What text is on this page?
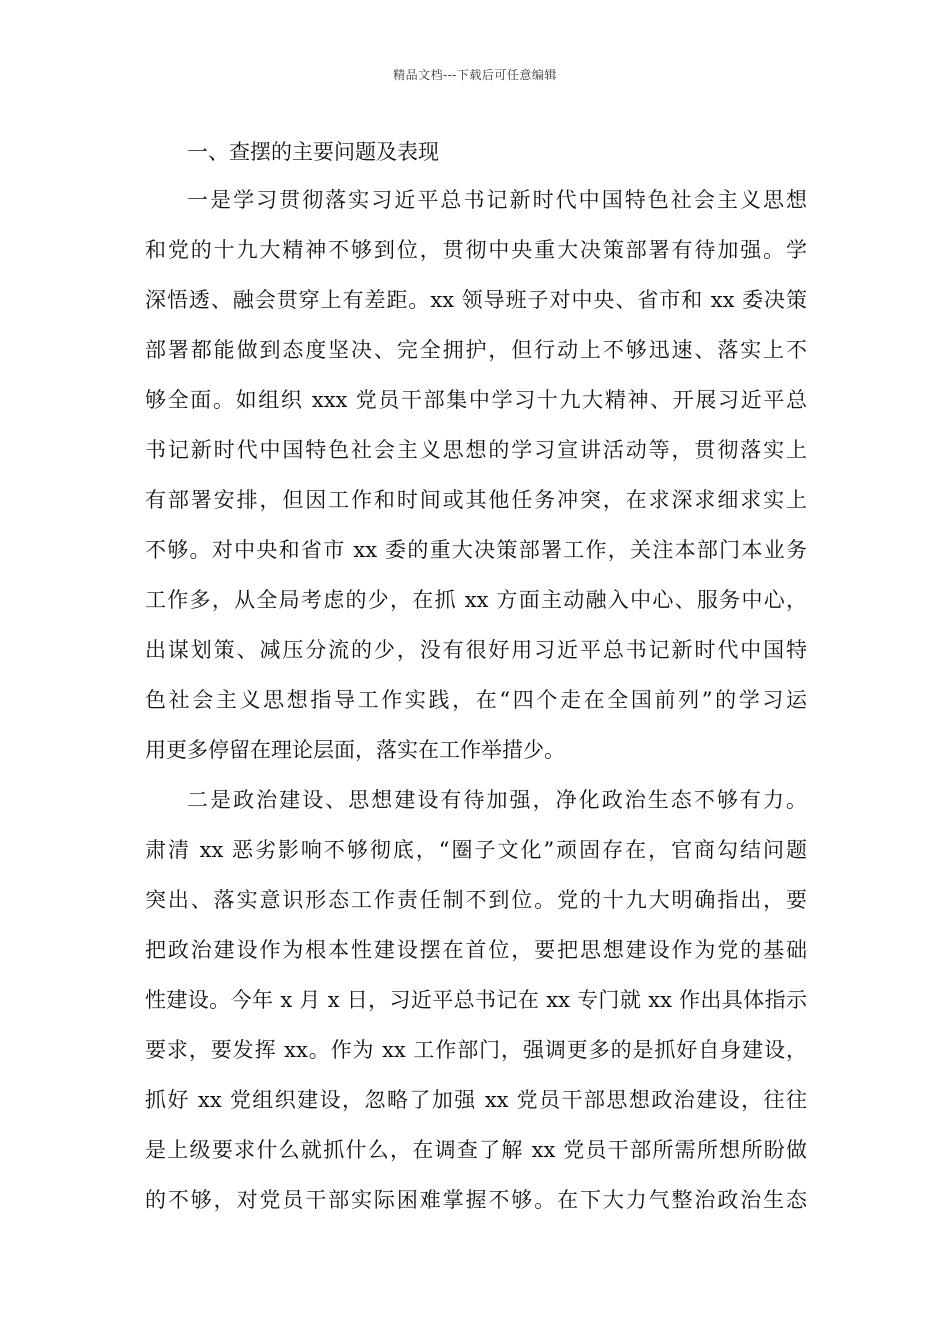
精品文档---下载后可任意编辑
一、查摆的主要问题及表现
一是学习贯彻落实习近平总书记新时代中国特色社会主义思想
和党的十九大精神不够到位，贯彻中央重大决策部署有待加强。学
深悟透、融会贯穿上有差距。xx 领导班子对中央、省市和 xx 委决策
部署都能做到态度坚决、完全拥护，但行动上不够迅速、落实上不
够全面。如组织 xxx 党员干部集中学习十九大精神、开展习近平总
书记新时代中国特色社会主义思想的学习宣讲活动等，贯彻落实上
有部署安排，但因工作和时间或其他任务冲突，在求深求细求实上
不够。对中央和省市 xx 委的重大决策部署工作，关注本部门本业务
工作多，从全局考虑的少，在抓 xx 方面主动融入中心、服务中心，
出谋划策、减压分流的少，没有很好用习近平总书记新时代中国特
色社会主义思想指导工作实践，在“四个走在全国前列”的学习运
用更多停留在理论层面，落实在工作举措少。
二是政治建设、思想建设有待加强，净化政治生态不够有力。
肃清 xx 恶劣影响不够彻底，“圈子文化”顽固存在，官商勾结问题
突出、落实意识形态工作责任制不到位。党的十九大明确指出，要
把政治建设作为根本性建设摆在首位，要把思想建设作为党的基础
性建设。今年 x 月 x 日，习近平总书记在 xx 专门就 xx 作出具体指示
要求，要发挥 xx。作为 xx 工作部门，强调更多的是抓好自身建设，
抓好 xx 党组织建设，忽略了加强 xx 党员干部思想政治建设，往往
是上级要求什么就抓什么，在调查了解 xx 党员干部所需所想所盼做
的不够，对党员干部实际困难掌握不够。在下大力气整治政治生态
